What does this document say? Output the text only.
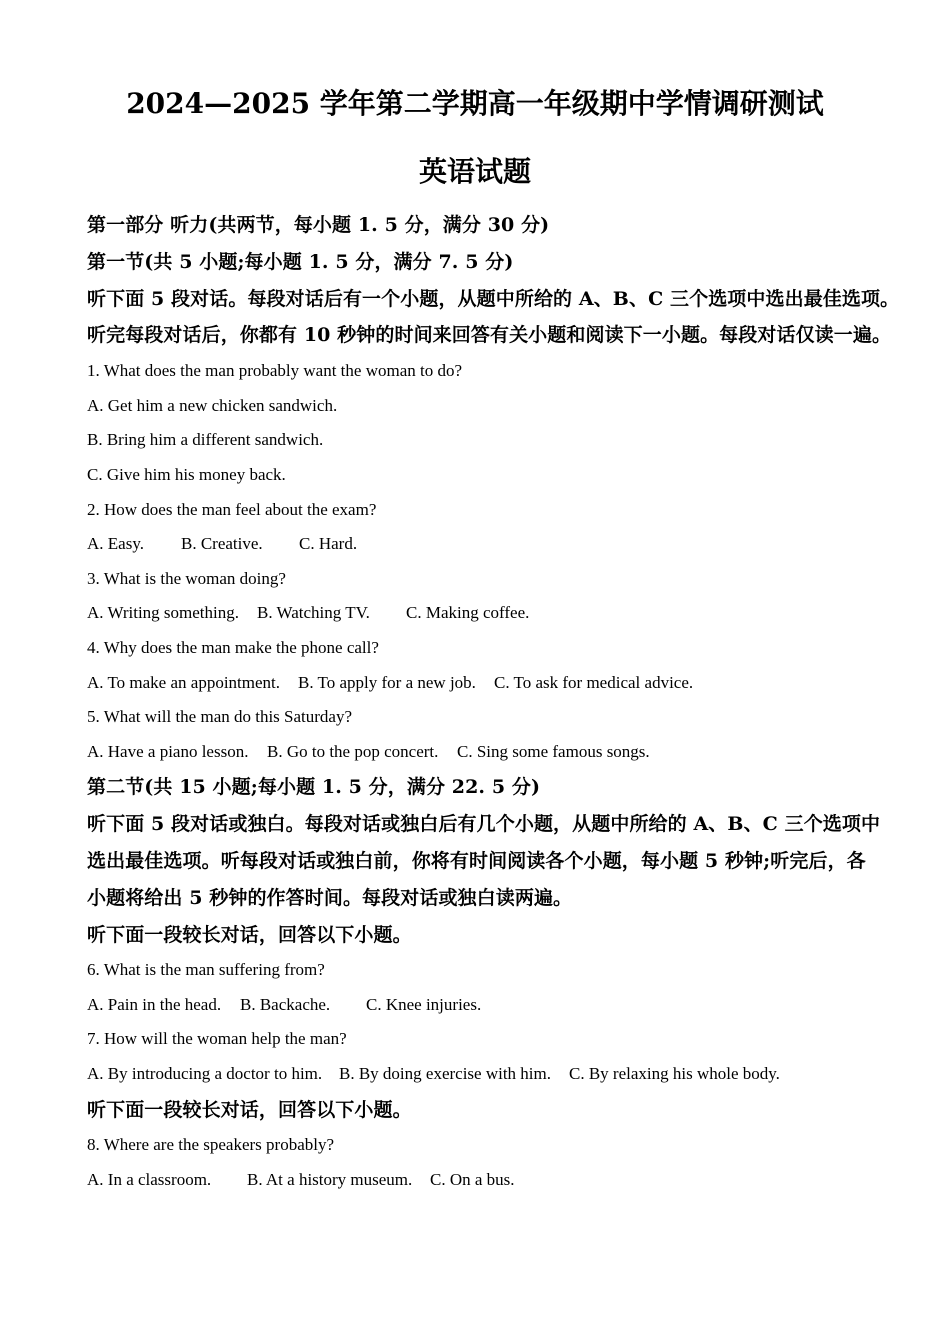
2024—2025 学年第二学期高一年级期中学情调研测试
英语试题
第一部分 听力(共两节，每小题 1. 5 分，满分 30 分)
第一节(共 5 小题;每小题 1. 5 分，满分 7. 5 分)
听下面 5 段对话。每段对话后有一个小题，从题中所给的 A、B、C 三个选项中选出最佳选项。
听完每段对话后，你都有 10 秒钟的时间来回答有关小题和阅读下一小题。每段对话仅读一遍。
1. What does the man probably want the woman to do?
A. Get him a new chicken sandwich.
B. Bring him a different sandwich.
C. Give him his money back.
2. How does the man feel about the exam?
A. Easy. B. Creative. C. Hard.
3. What is the woman doing?
A. Writing something. B. Watching TV. C. Making coffee.
4. Why does the man make the phone call?
A. To make an appointment. B. To apply for a new job. C. To ask for medical advice.
5. What will the man do this Saturday?
A. Have a piano lesson. B. Go to the pop concert. C. Sing some famous songs.
第二节(共 15 小题;每小题 1. 5 分，满分 22. 5 分)
听下面 5 段对话或独白。每段对话或独白后有几个小题，从题中所给的 A、B、C 三个选项中
选出最佳选项。听每段对话或独白前，你将有时间阅读各个小题，每小题 5 秒钟;听完后，各
小题将给出 5 秒钟的作答时间。每段对话或独白读两遍。
听下面一段较长对话，回答以下小题。
6. What is the man suffering from?
A. Pain in the head. B. Backache. C. Knee injuries.
7. How will the woman help the man?
A. By introducing a doctor to him. B. By doing exercise with him. C. By relaxing his whole body.
听下面一段较长对话，回答以下小题。
8. Where are the speakers probably?
A. In a classroom. B. At a history museum. C. On a bus.
